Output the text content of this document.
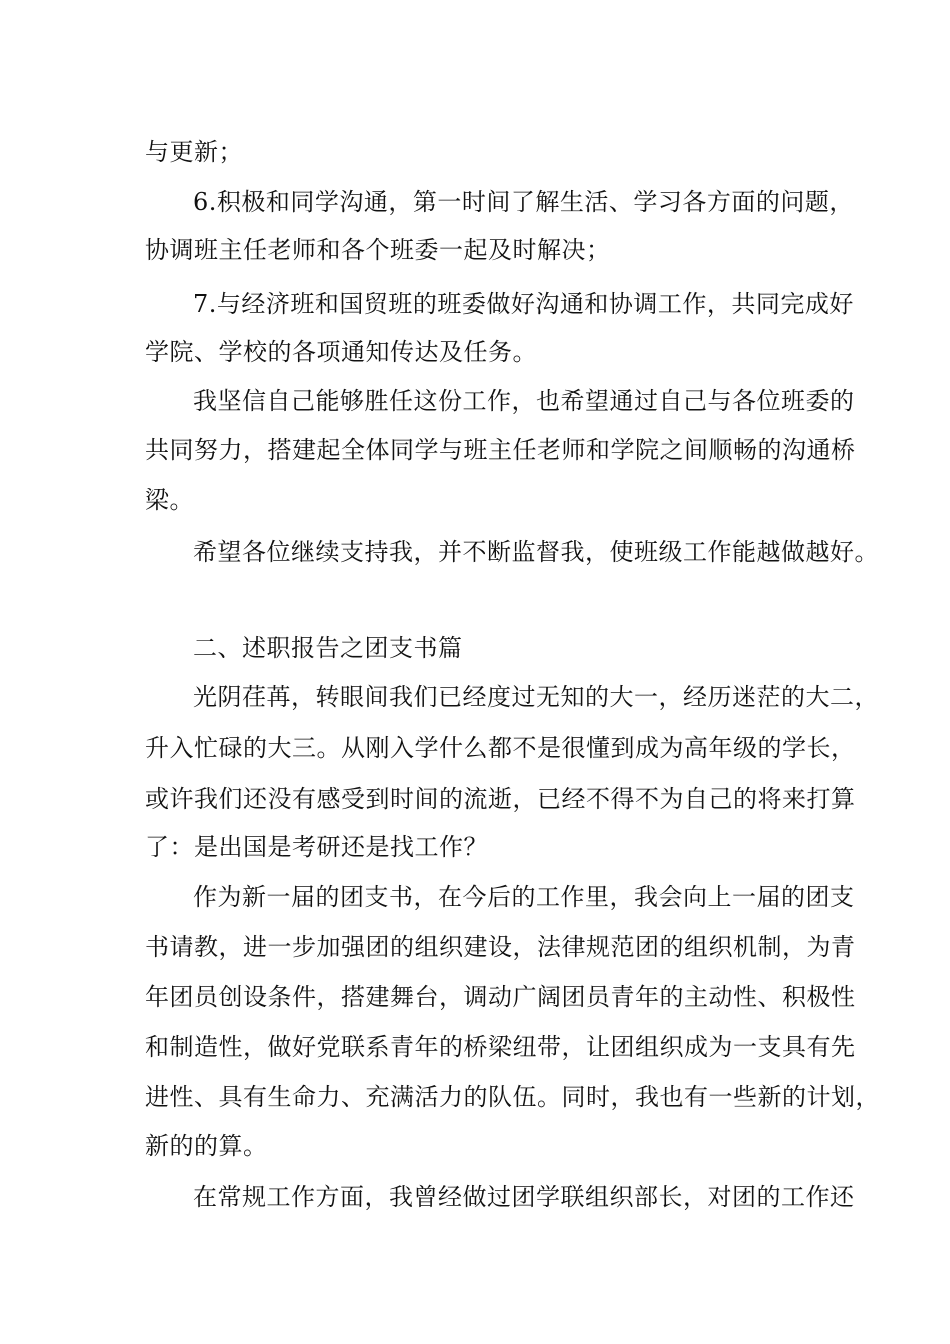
与更新；
6.积极和同学沟通，第一时间了解生活、学习各方面的问题，
协调班主任老师和各个班委一起及时解决；
7.与经济班和国贸班的班委做好沟通和协调工作，共同完成好
学院、学校的各项通知传达及任务。
我坚信自己能够胜任这份工作，也希望通过自己与各位班委的
共同努力，搭建起全体同学与班主任老师和学院之间顺畅的沟通桥
梁。
希望各位继续支持我，并不断监督我，使班级工作能越做越好。
二、述职报告之团支书篇
光阴荏苒，转眼间我们已经度过无知的大一，经历迷茫的大二，
升入忙碌的大三。从刚入学什么都不是很懂到成为高年级的学长，
或许我们还没有感受到时间的流逝，已经不得不为自己的将来打算
了：是出国是考研还是找工作？
作为新一届的团支书，在今后的工作里，我会向上一届的团支
书请教，进一步加强团的组织建设，法律规范团的组织机制，为青
年团员创设条件，搭建舞台，调动广阔团员青年的主动性、积极性
和制造性，做好党联系青年的桥梁纽带，让团组织成为一支具有先
进性、具有生命力、充满活力的队伍。同时，我也有一些新的计划，
新的的算。
在常规工作方面，我曾经做过团学联组织部长，对团的工作还
